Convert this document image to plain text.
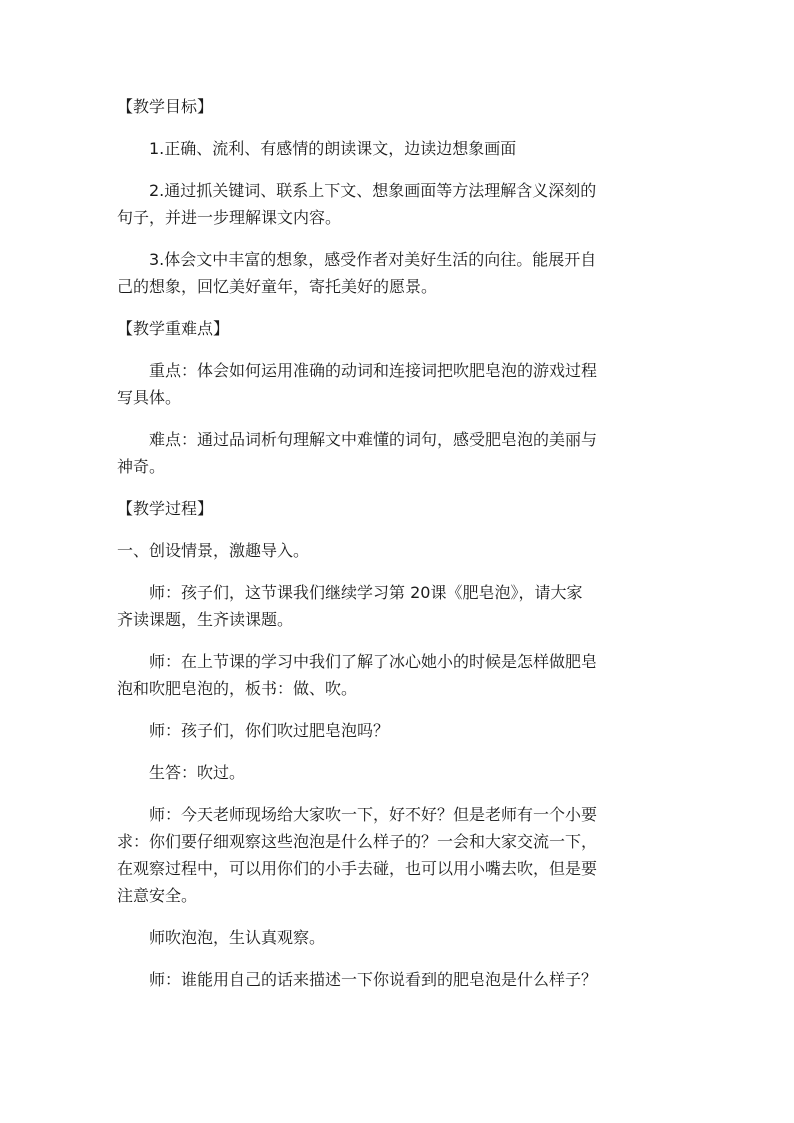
【教学目标】
1.正确、流利、有感情的朗读课文，边读边想象画面
2.通过抓关键词、联系上下文、想象画面等方法理解含义深刻的
句子，并进一步理解课文内容。
3.体会文中丰富的想象，感受作者对美好生活的向往。能展开自
己的想象，回忆美好童年，寄托美好的愿景。
【教学重难点】
重点：体会如何运用准确的动词和连接词把吹肥皂泡的游戏过程
写具体。
难点：通过品词析句理解文中难懂的词句，感受肥皂泡的美丽与
神奇。
【教学过程】
一、创设情景，激趣导入。
师：孩子们，这节课我们继续学习第 20课《肥皂泡》，请大家
齐读课题，生齐读课题。
师：在上节课的学习中我们了解了冰心她小的时候是怎样做肥皂
泡和吹肥皂泡的，板书：做、吹。
师：孩子们，你们吹过肥皂泡吗？
生答：吹过。
师：今天老师现场给大家吹一下，好不好？但是老师有一个小要
求：你们要仔细观察这些泡泡是什么样子的？一会和大家交流一下，
在观察过程中，可以用你们的小手去碰，也可以用小嘴去吹，但是要
注意安全。
师吹泡泡，生认真观察。
师：谁能用自己的话来描述一下你说看到的肥皂泡是什么样子？
